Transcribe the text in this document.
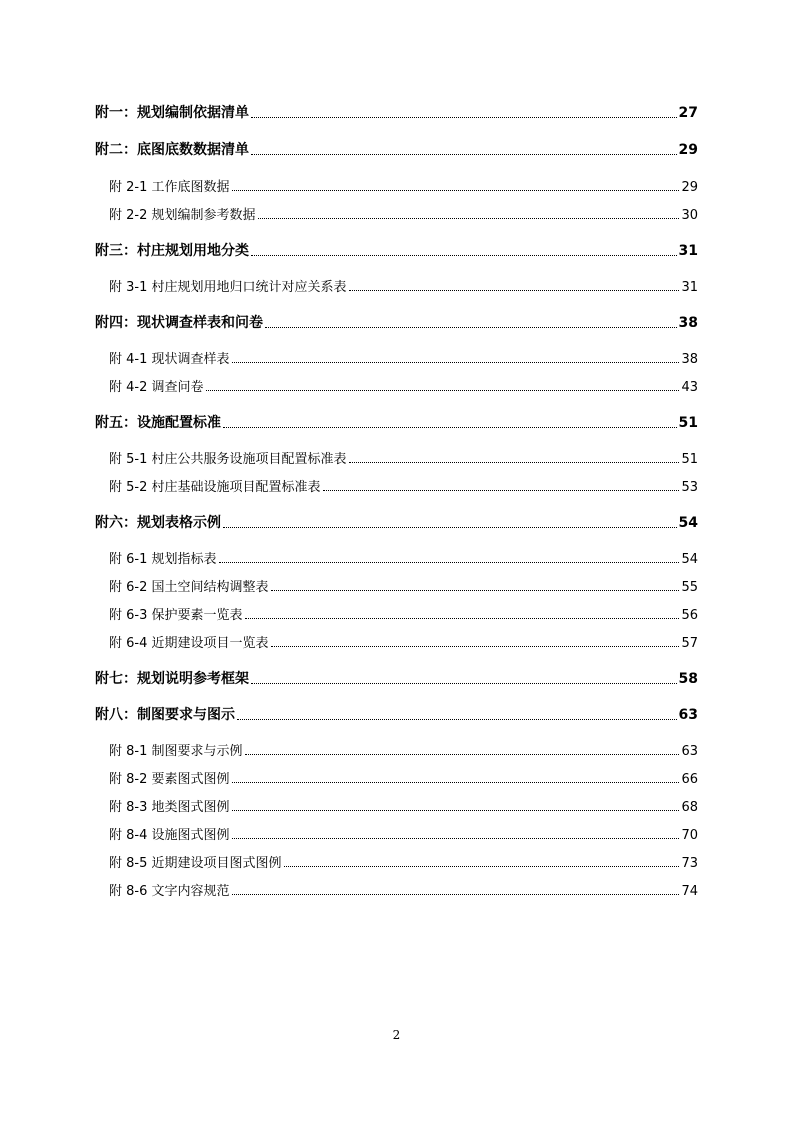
附一：规划编制依据清单	27
附二：底图底数数据清单	29
附 2-1 工作底图数据	29
附 2-2 规划编制参考数据	30
附三：村庄规划用地分类	31
附 3-1 村庄规划用地归口统计对应关系表	31
附四：现状调查样表和问卷	38
附 4-1 现状调查样表	38
附 4-2 调查问卷	43
附五：设施配置标准	51
附 5-1 村庄公共服务设施项目配置标准表	51
附 5-2 村庄基础设施项目配置标准表	53
附六：规划表格示例	54
附 6-1 规划指标表	54
附 6-2 国土空间结构调整表	55
附 6-3 保护要素一览表	56
附 6-4 近期建设项目一览表	57
附七：规划说明参考框架	58
附八：制图要求与图示	63
附 8-1 制图要求与示例	63
附 8-2 要素图式图例	66
附 8-3 地类图式图例	68
附 8-4 设施图式图例	70
附 8-5 近期建设项目图式图例	73
附 8-6 文字内容规范	74
2
